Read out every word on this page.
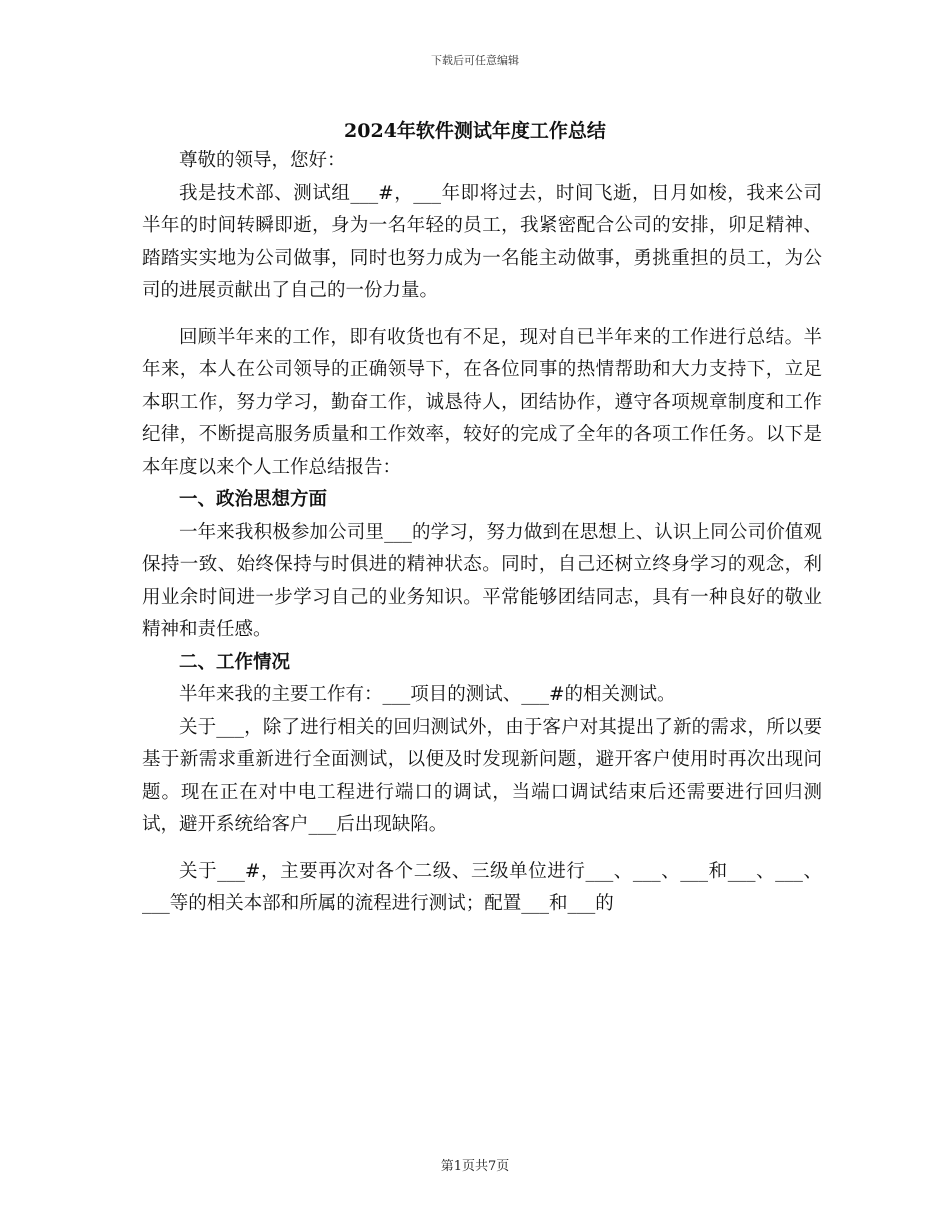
下载后可任意编辑
2024年软件测试年度工作总结

尊敬的领导，您好：

我是技术部、测试组___#，___年即将过去，时间飞逝，日月如梭，我来公司半年的时间转瞬即逝，身为一名年轻的员工，我紧密配合公司的安排，卯足精神、踏踏实实地为公司做事，同时也努力成为一名能主动做事，勇挑重担的员工，为公司的进展贡献出了自己的一份力量。

回顾半年来的工作，即有收货也有不足，现对自已半年来的工作进行总结。半年来，本人在公司领导的正确领导下，在各位同事的热情帮助和大力支持下，立足本职工作，努力学习，勤奋工作，诚恳待人，团结协作，遵守各项规章制度和工作纪律，不断提高服务质量和工作效率，较好的完成了全年的各项工作任务。以下是本年度以来个人工作总结报告：

一、政治思想方面

一年来我积极参加公司里___的学习，努力做到在思想上、认识上同公司价值观保持一致、始终保持与时俱进的精神状态。同时，自己还树立终身学习的观念，利用业余时间进一步学习自己的业务知识。平常能够团结同志，具有一种良好的敬业精神和责任感。

二、工作情况

半年来我的主要工作有：___项目的测试、___#的相关测试。

关于___，除了进行相关的回归测试外，由于客户对其提出了新的需求，所以要基于新需求重新进行全面测试，以便及时发现新问题，避开客户使用时再次出现问题。现在正在对中电工程进行端口的调试，当端口调试结束后还需要进行回归测试，避开系统给客户___后出现缺陷。

关于___#，主要再次对各个二级、三级单位进行___、___、___和___、___、___等的相关本部和所属的流程进行测试；配置___和___的

第1页共7页
